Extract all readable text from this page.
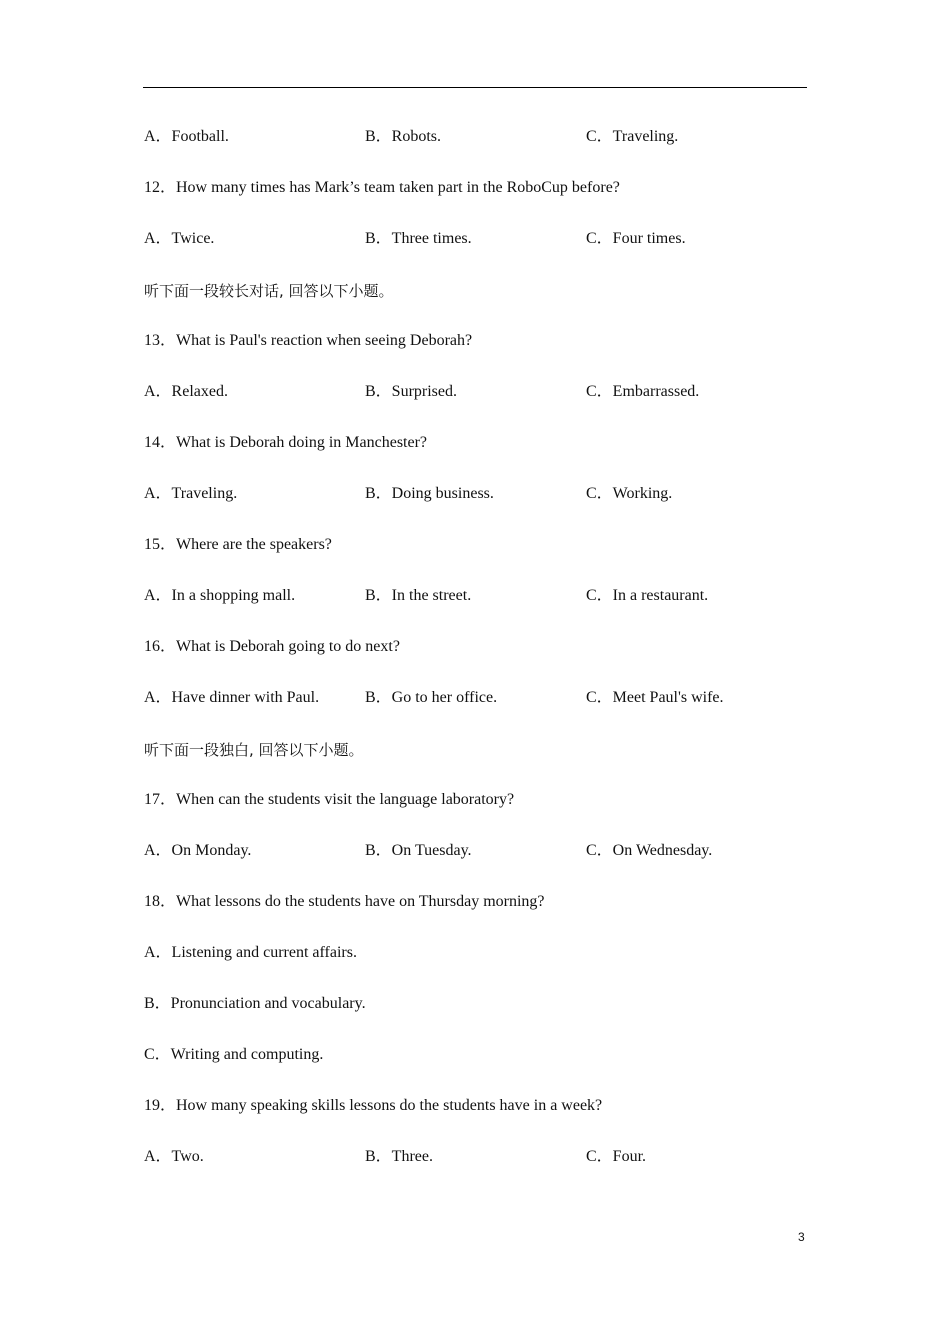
A．Football.	B．Robots.	C．Traveling.
12．How many times has Mark’s team taken part in the RoboCup before?
A．Twice.	B．Three times.	C．Four times.
听下面一段较长对话, 回答以下小题。
13．What is Paul's reaction when seeing Deborah?
A．Relaxed.	B．Surprised.	C．Embarrassed.
14．What is Deborah doing in Manchester?
A．Traveling.	B．Doing business.	C．Working.
15．Where are the speakers?
A．In a shopping mall.	B．In the street.	C．In a restaurant.
16．What is Deborah going to do next?
A．Have dinner with Paul.	B．Go to her office.	C．Meet Paul's wife.
听下面一段独白, 回答以下小题。
17．When can the students visit the language laboratory?
A．On Monday.	B．On Tuesday.	C．On Wednesday.
18．What lessons do the students have on Thursday morning?
A．Listening and current affairs.
B．Pronunciation and vocabulary.
C．Writing and computing.
19．How many speaking skills lessons do the students have in a week?
A．Two.	B．Three.	C．Four.
3
